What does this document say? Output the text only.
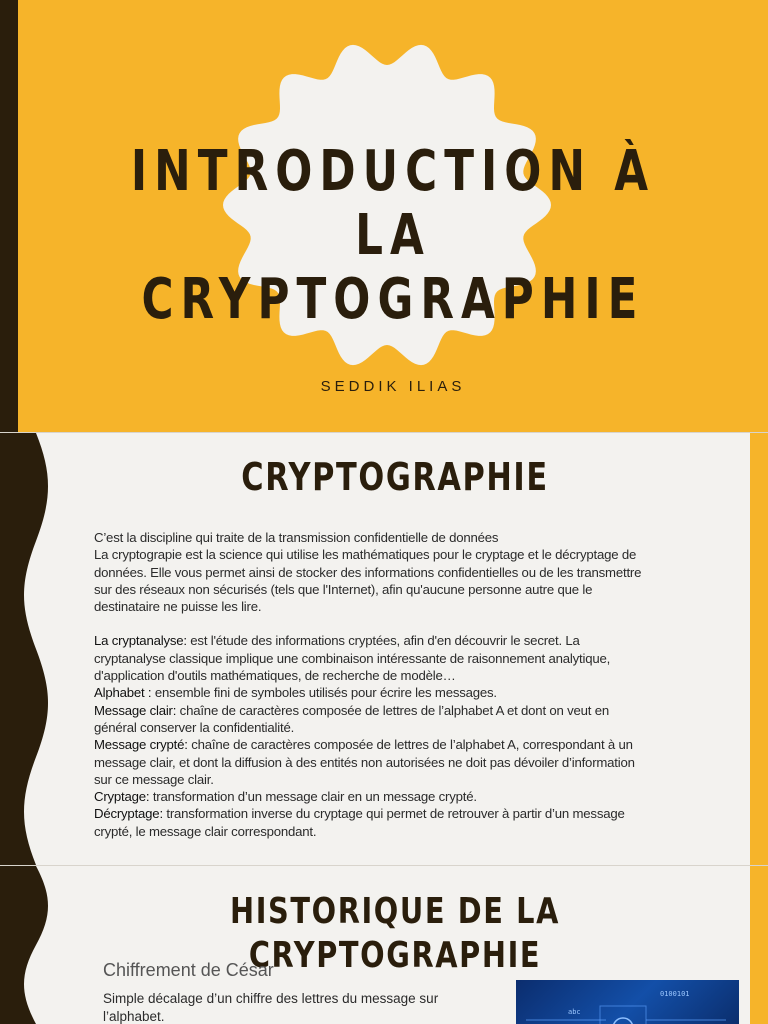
INTRODUCTION À LA
CRYPTOGRAPHIE
SEDDIK ILIAS
CRYPTOGRAPHIE

C’est la discipline qui traite de la transmission confidentielle de données

La cryptograpie est la science qui utilise les mathématiques pour le cryptage et le décryptage de données. Elle vous permet ainsi de stocker des informations confidentielles ou de les transmettre sur des réseaux non sécurisés (tels que l'Internet), afin qu'aucune personne autre que le destinataire ne puisse les lire.

La cryptanalyse: est l'étude des informations cryptées, afin d'en découvrir le secret. La cryptanalyse classique implique une combinaison intéressante de raisonnement analytique, d'application d'outils mathématiques, de recherche de modèle…

Alphabet : ensemble fini de symboles utilisés pour écrire les messages.

Message clair: chaîne de caractères composée de lettres de l’alphabet A et dont on veut en général conserver la confidentialité.

Message crypté: chaîne de caractères composée de lettres de l’alphabet A, correspondant à un message clair, et dont la diffusion à des entités non autorisées ne doit pas dévoiler d’information sur ce message clair.

Cryptage: transformation d’un message clair en un message crypté.

Décryptage: transformation inverse du cryptage qui permet de retrouver à partir d’un message crypté, le message clair correspondant.

HISTORIQUE DE LA CRYPTOGRAPHIE
Chiffrement de César
Simple décalage d’un chiffre des lettres du message sur l’alphabet.	abc
0100101
